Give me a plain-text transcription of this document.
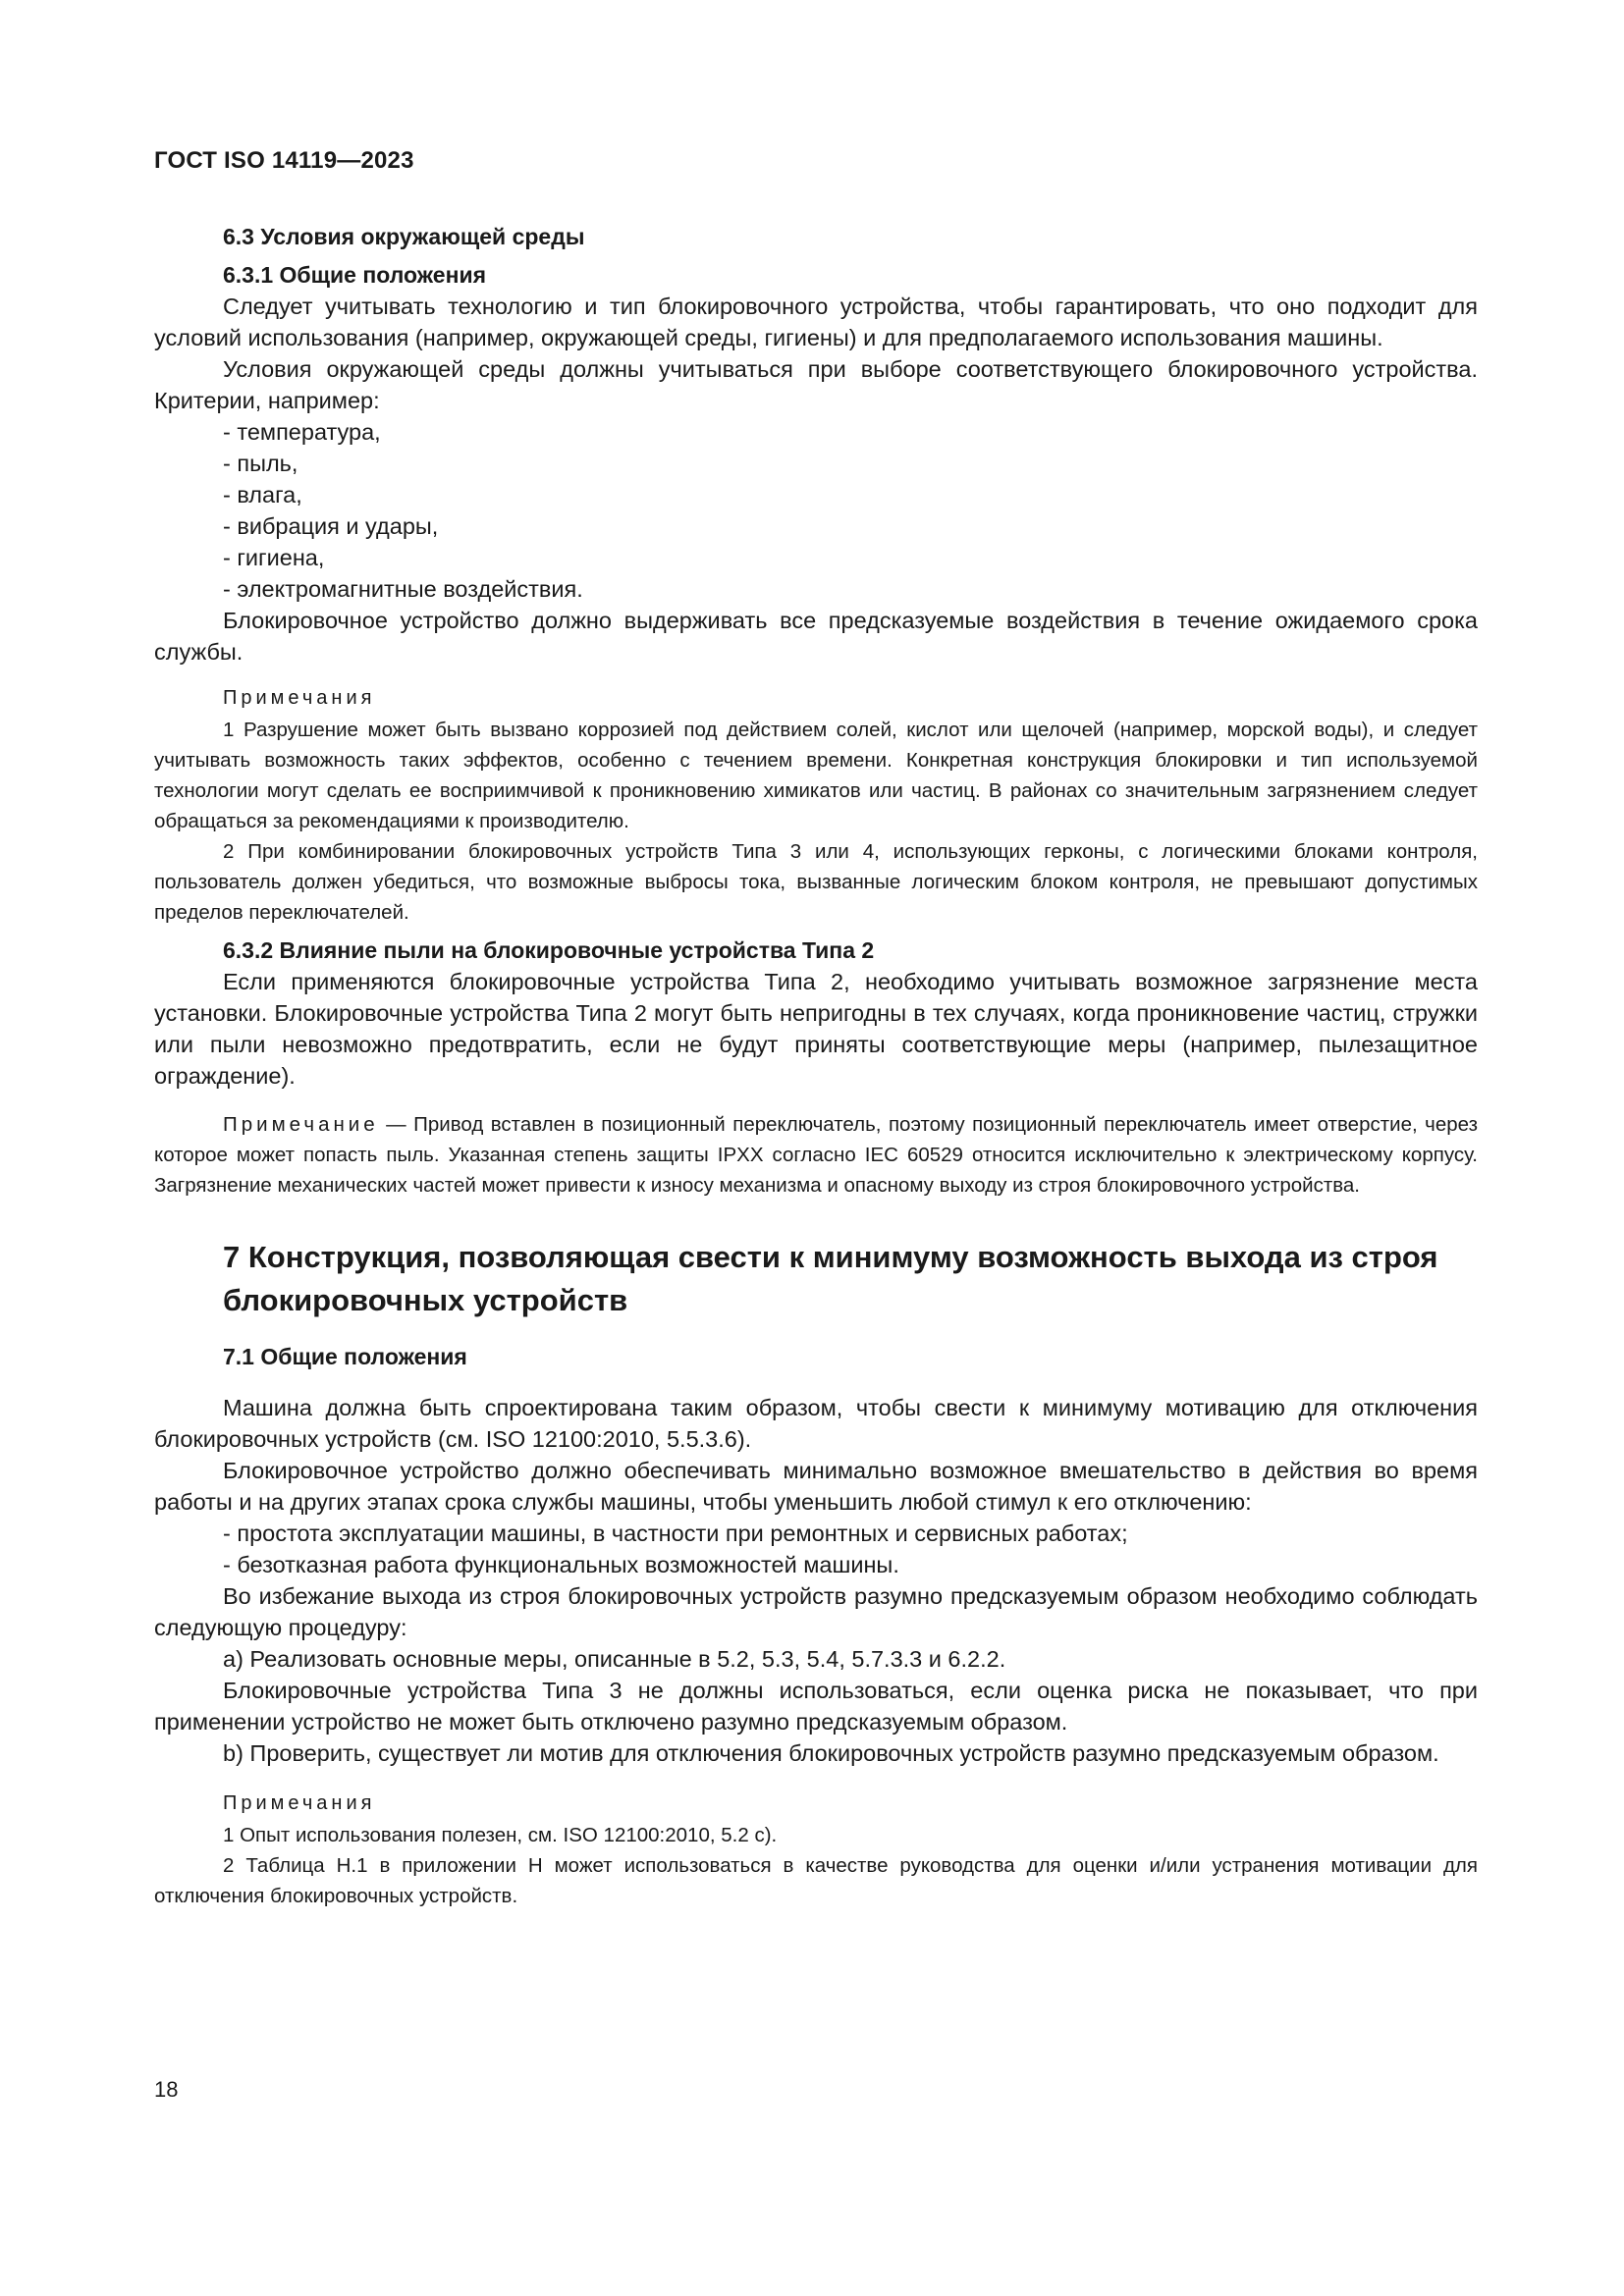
ГОСТ ISO 14119—2023
6.3 Условия окружающей среды
6.3.1 Общие положения

Следует учитывать технологию и тип блокировочного устройства, чтобы гарантировать, что оно подходит для условий использования (например, окружающей среды, гигиены) и для предполагаемого использования машины.

Условия окружающей среды должны учитываться при выборе соответствующего блокировочного устройства. Критерии, например:

- температура,

- пыль,

- влага,

- вибрация и удары,

- гигиена,

- электромагнитные воздействия.

Блокировочное устройство должно выдерживать все предсказуемые воздействия в течение ожидаемого срока службы.

Примечания

1 Разрушение может быть вызвано коррозией под действием солей, кислот или щелочей (например, морской воды), и следует учитывать возможность таких эффектов, особенно с течением времени. Конкретная конструкция блокировки и тип используемой технологии могут сделать ее восприимчивой к проникновению химикатов или частиц. В районах со значительным загрязнением следует обращаться за рекомендациями к производителю.

2 При комбинировании блокировочных устройств Типа 3 или 4, использующих герконы, с логическими блоками контроля, пользователь должен убедиться, что возможные выбросы тока, вызванные логическим блоком контроля, не превышают допустимых пределов переключателей.

6.3.2 Влияние пыли на блокировочные устройства Типа 2

Если применяются блокировочные устройства Типа 2, необходимо учитывать возможное загрязнение места установки. Блокировочные устройства Типа 2 могут быть непригодны в тех случаях, когда проникновение частиц, стружки или пыли невозможно предотвратить, если не будут приняты соответствующие меры (например, пылезащитное ограждение).

Примечание — Привод вставлен в позиционный переключатель, поэтому позиционный переключатель имеет отверстие, через которое может попасть пыль. Указанная степень защиты IPXX согласно IEC 60529 относится исключительно к электрическому корпусу. Загрязнение механических частей может привести к износу механизма и опасному выходу из строя блокировочного устройства.

7 Конструкция, позволяющая свести к минимуму возможность выхода из строя блокировочных устройств
7.1 Общие положения

Машина должна быть спроектирована таким образом, чтобы свести к минимуму мотивацию для отключения блокировочных устройств (см. ISO 12100:2010, 5.5.3.6).

Блокировочное устройство должно обеспечивать минимально возможное вмешательство в действия во время работы и на других этапах срока службы машины, чтобы уменьшить любой стимул к его отключению:

- простота эксплуатации машины, в частности при ремонтных и сервисных работах;

- безотказная работа функциональных возможностей машины.

Во избежание выхода из строя блокировочных устройств разумно предсказуемым образом необходимо соблюдать следующую процедуру:

a) Реализовать основные меры, описанные в 5.2, 5.3, 5.4, 5.7.3.3 и 6.2.2.

Блокировочные устройства Типа 3 не должны использоваться, если оценка риска не показывает, что при применении устройство не может быть отключено разумно предсказуемым образом.

b) Проверить, существует ли мотив для отключения блокировочных устройств разумно предсказуемым образом.

Примечания

1 Опыт использования полезен, см. ISO 12100:2010, 5.2 с).

2 Таблица H.1 в приложении H может использоваться в качестве руководства для оценки и/или устранения мотивации для отключения блокировочных устройств.

18
